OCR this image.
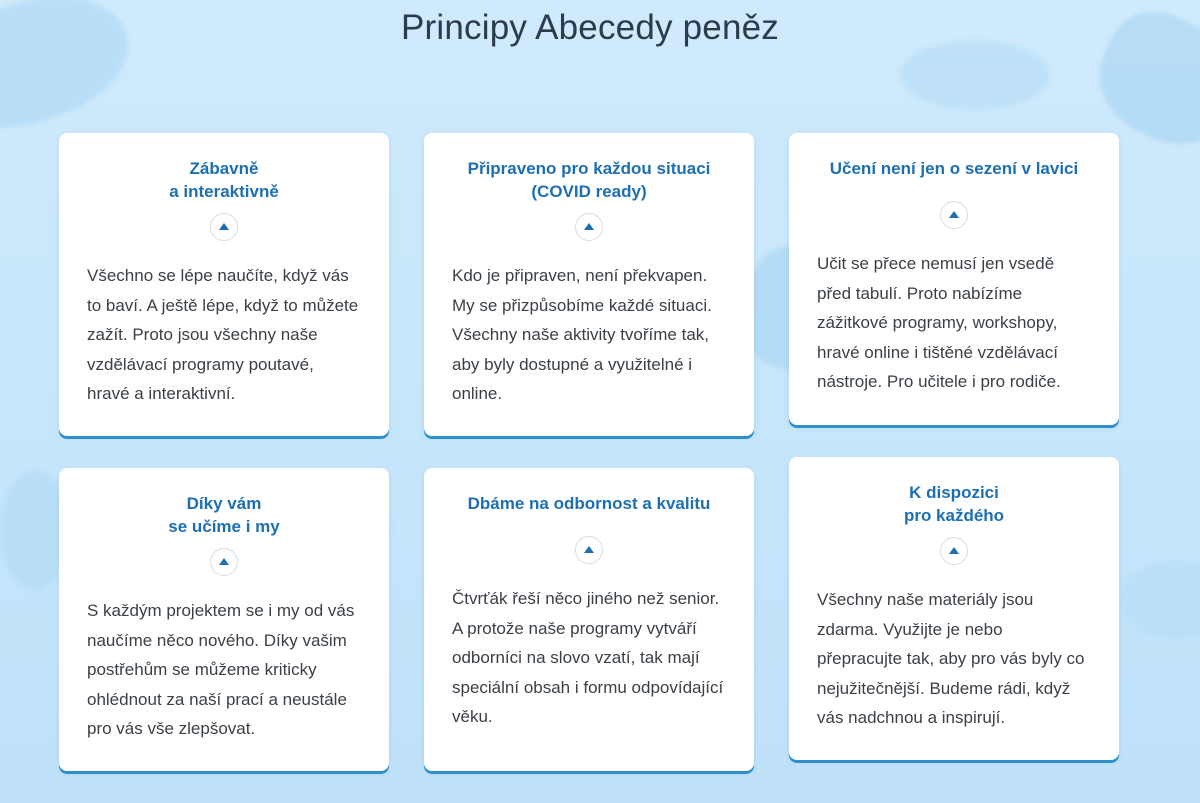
Principy Abecedy peněz
Zábavně
a interaktivně

Všechno se lépe naučíte, když vás to baví. A ještě lépe, když to můžete zažít. Proto jsou všechny naše vzdělávací programy poutavé, hravé a interaktivní.

Připraveno pro každou situaci
(COVID ready)

Kdo je připraven, není překvapen. My se přizpůsobíme každé situaci. Všechny naše aktivity tvoříme tak, aby byly dostupné a využitelné i online.

Učení není jen o sezení v lavici

Učit se přece nemusí jen vsedě před tabulí. Proto nabízíme zážitkové programy, workshopy, hravé online i tištěné vzdělávací nástroje. Pro učitele i pro rodiče.

Díky vám
se učíme i my

S každým projektem se i my od vás naučíme něco nového. Díky vašim postřehům se můžeme kriticky ohlédnout za naší prací a neustále pro vás vše zlepšovat.

Dbáme na odbornost a kvalitu

Čtvrťák řeší něco jiného než senior. A protože naše programy vytváří odborníci na slovo vzatí, tak mají speciální obsah i formu odpovídající věku.

K dispozici
pro každého

Všechny naše materiály jsou zdarma. Využijte je nebo přepracujte tak, aby pro vás byly co nejužitečnější. Budeme rádi, když vás nadchnou a inspirují.
